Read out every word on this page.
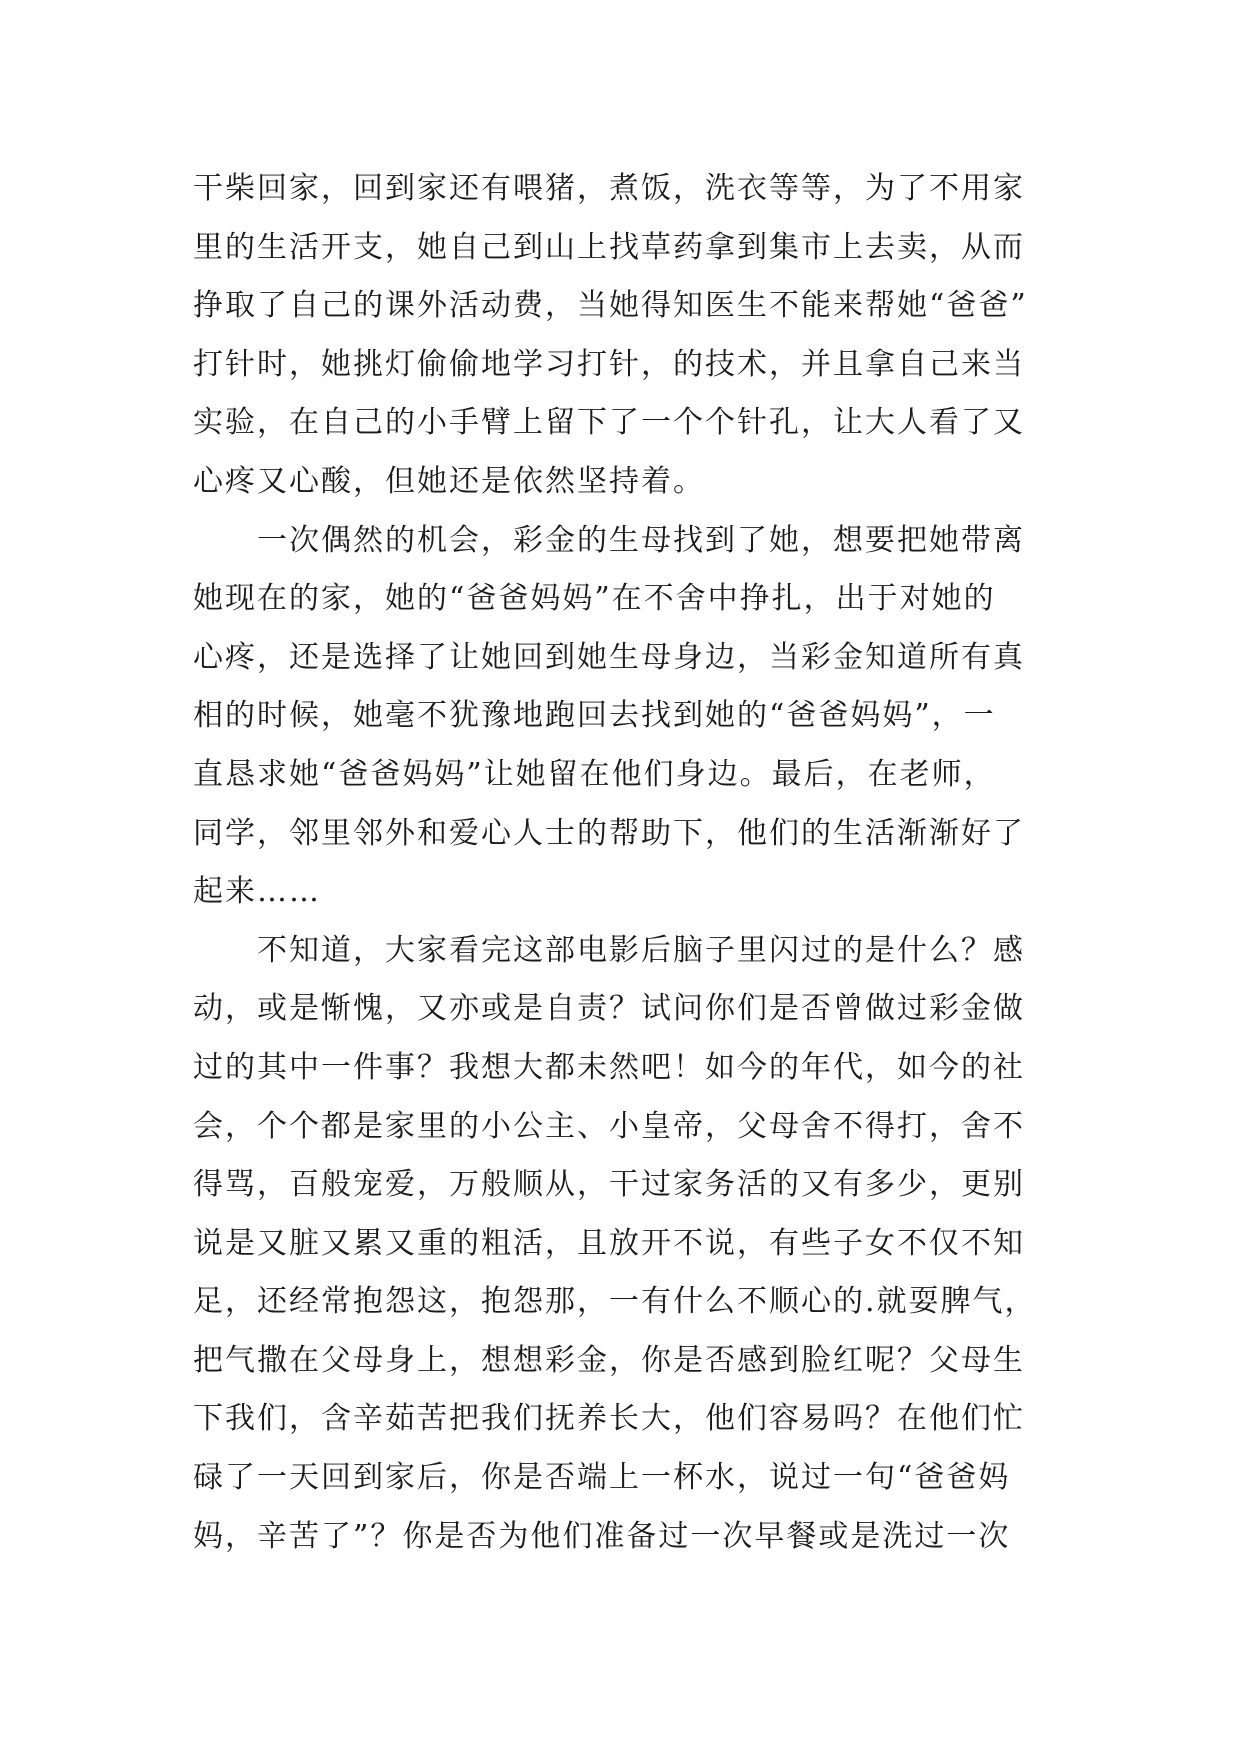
干柴回家，回到家还有喂猪，煮饭，洗衣等等，为了不用家
里的生活开支，她自己到山上找草药拿到集市上去卖，从而
挣取了自己的课外活动费，当她得知医生不能来帮她“爸爸”
打针时，她挑灯偷偷地学习打针，的技术，并且拿自己来当
实验，在自己的小手臂上留下了一个个针孔，让大人看了又
心疼又心酸，但她还是依然坚持着。
一次偶然的机会，彩金的生母找到了她，想要把她带离
她现在的家，她的“爸爸妈妈”在不舍中挣扎，出于对她的
心疼，还是选择了让她回到她生母身边，当彩金知道所有真
相的时候，她毫不犹豫地跑回去找到她的“爸爸妈妈”，一
直恳求她“爸爸妈妈”让她留在他们身边。最后，在老师，
同学，邻里邻外和爱心人士的帮助下，他们的生活渐渐好了
起来……
不知道，大家看完这部电影后脑子里闪过的是什么？感
动，或是惭愧，又亦或是自责？试问你们是否曾做过彩金做
过的其中一件事？我想大都未然吧！如今的年代，如今的社
会，个个都是家里的小公主、小皇帝，父母舍不得打，舍不
得骂，百般宠爱，万般顺从，干过家务活的又有多少，更别
说是又脏又累又重的粗活，且放开不说，有些子女不仅不知
足，还经常抱怨这，抱怨那，一有什么不顺心的.就耍脾气，
把气撒在父母身上，想想彩金，你是否感到脸红呢？父母生
下我们，含辛茹苦把我们抚养长大，他们容易吗？在他们忙
碌了一天回到家后，你是否端上一杯水，说过一句“爸爸妈
妈，辛苦了”？你是否为他们准备过一次早餐或是洗过一次
